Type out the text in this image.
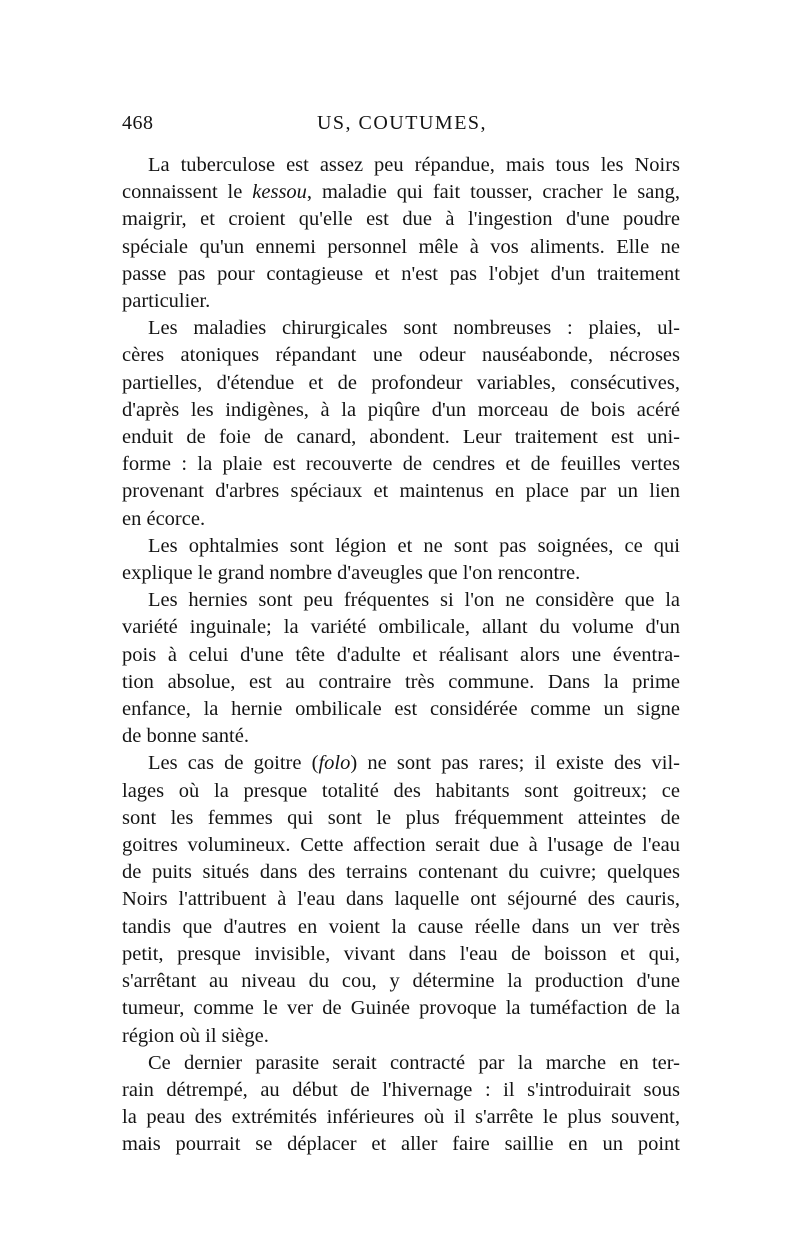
468	US, COUTUMES,

La tuberculose est assez peu répandue, mais tous les Noirs
connaissent le kessou, maladie qui fait tousser, cracher le sang,
maigrir, et croient qu'elle est due à l'ingestion d'une poudre
spéciale qu'un ennemi personnel mêle à vos aliments. Elle ne
passe pas pour contagieuse et n'est pas l'objet d'un traitement
particulier.

Les maladies chirurgicales sont nombreuses : plaies, ul-
cères atoniques répandant une odeur nauséabonde, nécroses
partielles, d'étendue et de profondeur variables, consécutives,
d'après les indigènes, à la piqûre d'un morceau de bois acéré
enduit de foie de canard, abondent. Leur traitement est uni-
forme : la plaie est recouverte de cendres et de feuilles vertes
provenant d'arbres spéciaux et maintenus en place par un lien
en écorce.

Les ophtalmies sont légion et ne sont pas soignées, ce qui
explique le grand nombre d'aveugles que l'on rencontre.

Les hernies sont peu fréquentes si l'on ne considère que la
variété inguinale; la variété ombilicale, allant du volume d'un
pois à celui d'une tête d'adulte et réalisant alors une éventra-
tion absolue, est au contraire très commune. Dans la prime
enfance, la hernie ombilicale est considérée comme un signe
de bonne santé.

Les cas de goitre (folo) ne sont pas rares; il existe des vil-
lages où la presque totalité des habitants sont goitreux; ce
sont les femmes qui sont le plus fréquemment atteintes de
goitres volumineux. Cette affection serait due à l'usage de l'eau
de puits situés dans des terrains contenant du cuivre; quelques
Noirs l'attribuent à l'eau dans laquelle ont séjourné des cauris,
tandis que d'autres en voient la cause réelle dans un ver très
petit, presque invisible, vivant dans l'eau de boisson et qui,
s'arrêtant au niveau du cou, y détermine la production d'une
tumeur, comme le ver de Guinée provoque la tuméfaction de la
région où il siège.

Ce dernier parasite serait contracté par la marche en ter-
rain détrempé, au début de l'hivernage : il s'introduirait sous
la peau des extrémités inférieures où il s'arrête le plus souvent,
mais pourrait se déplacer et aller faire saillie en un point
